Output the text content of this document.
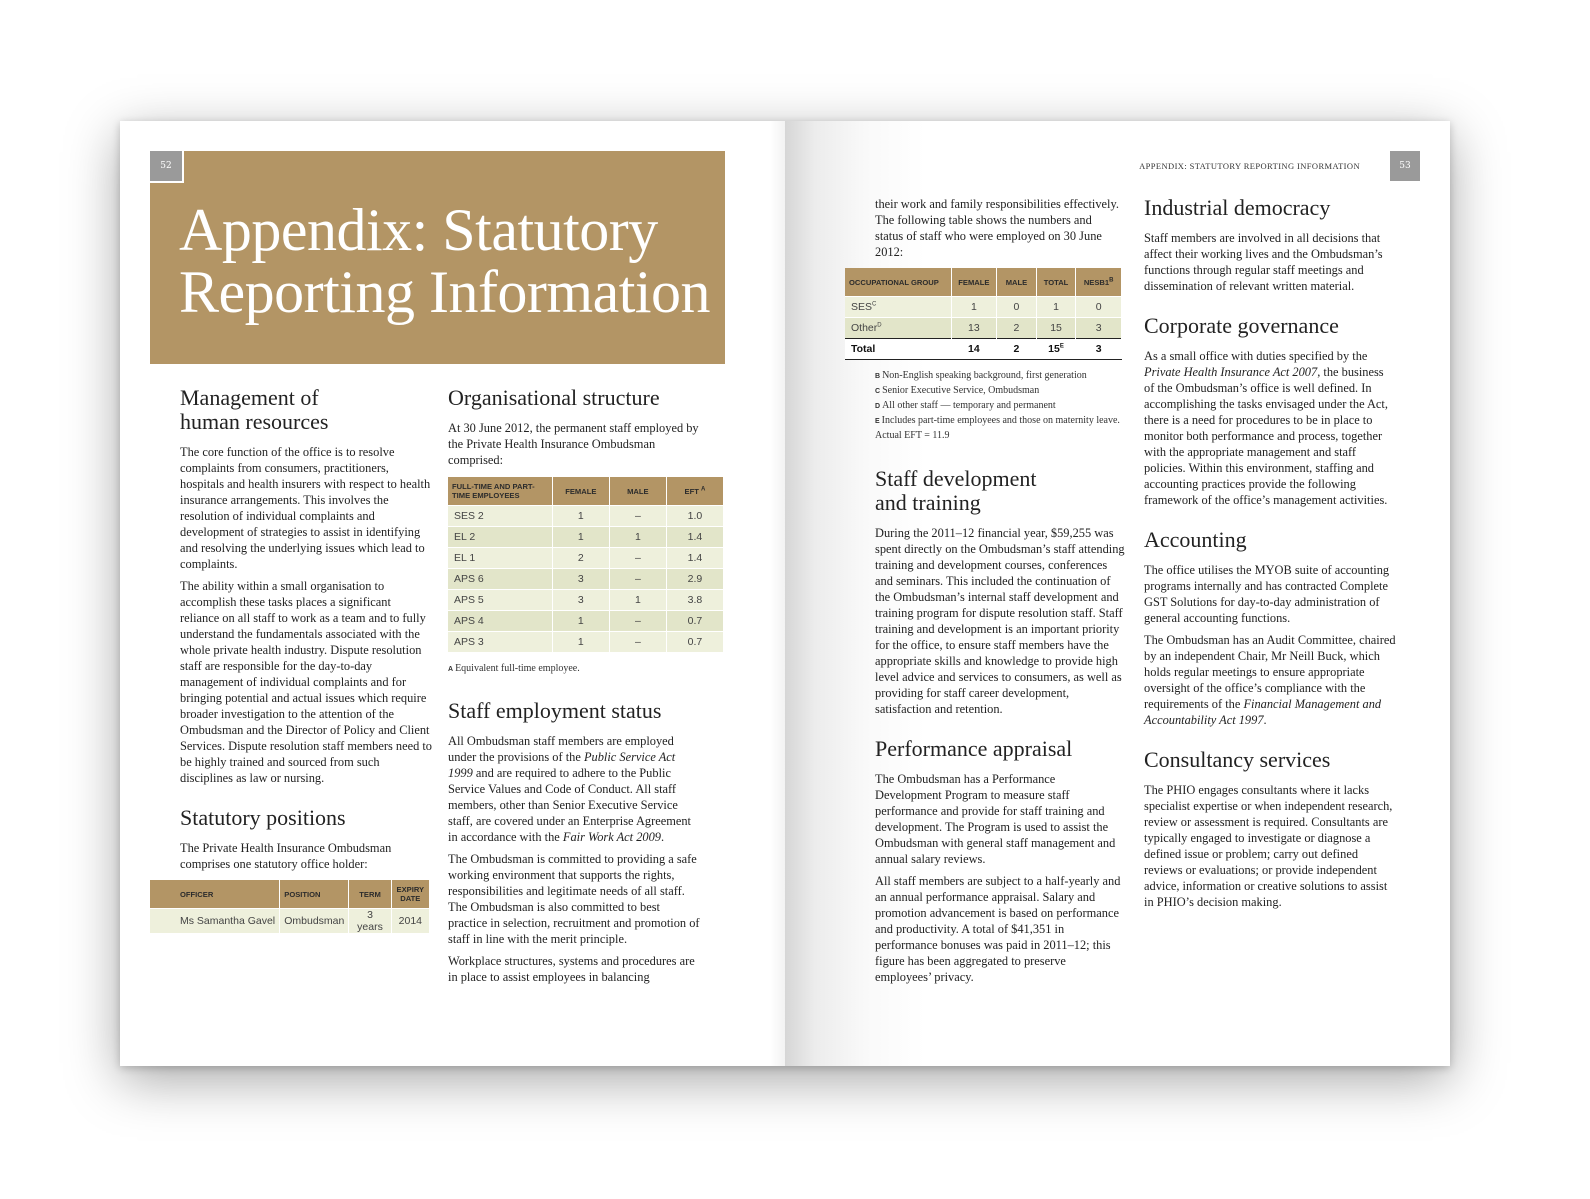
52
Appendix: Statutory Reporting Information
Management of
human resources

The core function of the office is to resolve complaints from consumers, practitioners, hospitals and health insurers with respect to health insurance arrangements. This involves the resolution of individual complaints and development of strategies to assist in identifying and resolving the underlying issues which lead to complaints.

The ability within a small organisation to accomplish these tasks places a significant reliance on all staff to work as a team and to fully understand the fundamentals associated with the whole private health industry. Dispute resolution staff are responsible for the day-to-day management of individual complaints and for bringing potential and actual issues which require broader investigation to the attention of the Ombudsman and the Director of Policy and Client Services. Dispute resolution staff members need to be highly trained and sourced from such disciplines as law or nursing.

Statutory positions

The Private Health Insurance Ombudsman comprises one statutory office holder:

OFFICER	POSITION	TERM	EXPIRY DATE
Ms Samantha Gavel	Ombudsman	3 years	2014
Organisational structure

At 30 June 2012, the permanent staff employed by the Private Health Insurance Ombudsman comprised:

FULL-TIME AND PART-TIME EMPLOYEES	FEMALE	MALE	EFT $^A$
SES 2	1	–	1.0
EL 2	1	1	1.4
EL 1	2	–	1.4
APS 6	3	–	2.9
APS 5	3	1	3.8
APS 4	1	–	0.7
APS 3	1	–	0.7
A Equivalent full-time employee.
Staff employment status

All Ombudsman staff members are employed under the provisions of the Public Service Act 1999 and are required to adhere to the Public Service Values and Code of Conduct. All staff members, other than Senior Executive Service staff, are covered under an Enterprise Agreement in accordance with the Fair Work Act 2009.

The Ombudsman is committed to providing a safe working environment that supports the rights, responsibilities and legitimate needs of all staff. The Ombudsman is also committed to best practice in selection, recruitment and promotion of staff in line with the merit principle.

Workplace structures, systems and procedures are in place to assist employees in balancing

APPENDIX: STATUTORY REPORTING INFORMATION	53

their work and family responsibilities effectively. The following table shows the numbers and status of staff who were employed on 30 June 2012:

OCCUPATIONAL GROUP	FEMALE	MALE	TOTAL	$NESB1^B$
$SES^C$	1	0	1	0
Other$^D$	13	2	15	3
Total	14	2	$15^E$	3
B Non-English speaking background, first generation
C Senior Executive Service, Ombudsman
D All other staff — temporary and permanent
E Includes part-time employees and those on maternity leave. Actual EFT = 11.9
Staff development
and training

During the 2011–12 financial year, $59,255 was spent directly on the Ombudsman’s staff attending training and development courses, conferences and seminars. This included the continuation of the Ombudsman’s internal staff development and training program for dispute resolution staff. Staff training and development is an important priority for the office, to ensure staff members have the appropriate skills and knowledge to provide high level advice and services to consumers, as well as providing for staff career development, satisfaction and retention.

Performance appraisal

The Ombudsman has a Performance Development Program to measure staff performance and provide for staff training and development. The Program is used to assist the Ombudsman with general staff management and annual salary reviews.

All staff members are subject to a half-yearly and an annual performance appraisal. Salary and promotion advancement is based on performance and productivity. A total of $41,351 in performance bonuses was paid in 2011–12; this figure has been aggregated to preserve employees’ privacy.

Industrial democracy

Staff members are involved in all decisions that affect their working lives and the Ombudsman’s functions through regular staff meetings and dissemination of relevant written material.

Corporate governance

As a small office with duties specified by the Private Health Insurance Act 2007, the business of the Ombudsman’s office is well defined. In accomplishing the tasks envisaged under the Act, there is a need for procedures to be in place to monitor both performance and process, together with the appropriate management and staff policies. Within this environment, staffing and accounting practices provide the following framework of the office’s management activities.

Accounting

The office utilises the MYOB suite of accounting programs internally and has contracted Complete GST Solutions for day-to-day administration of general accounting functions.

The Ombudsman has an Audit Committee, chaired by an independent Chair, Mr Neill Buck, which holds regular meetings to ensure appropriate oversight of the office’s compliance with the requirements of the Financial Management and Accountability Act 1997.

Consultancy services

The PHIO engages consultants where it lacks specialist expertise or when independent research, review or assessment is required. Consultants are typically engaged to investigate or diagnose a defined issue or problem; carry out defined reviews or evaluations; or provide independent advice, information or creative solutions to assist in PHIO’s decision making.
